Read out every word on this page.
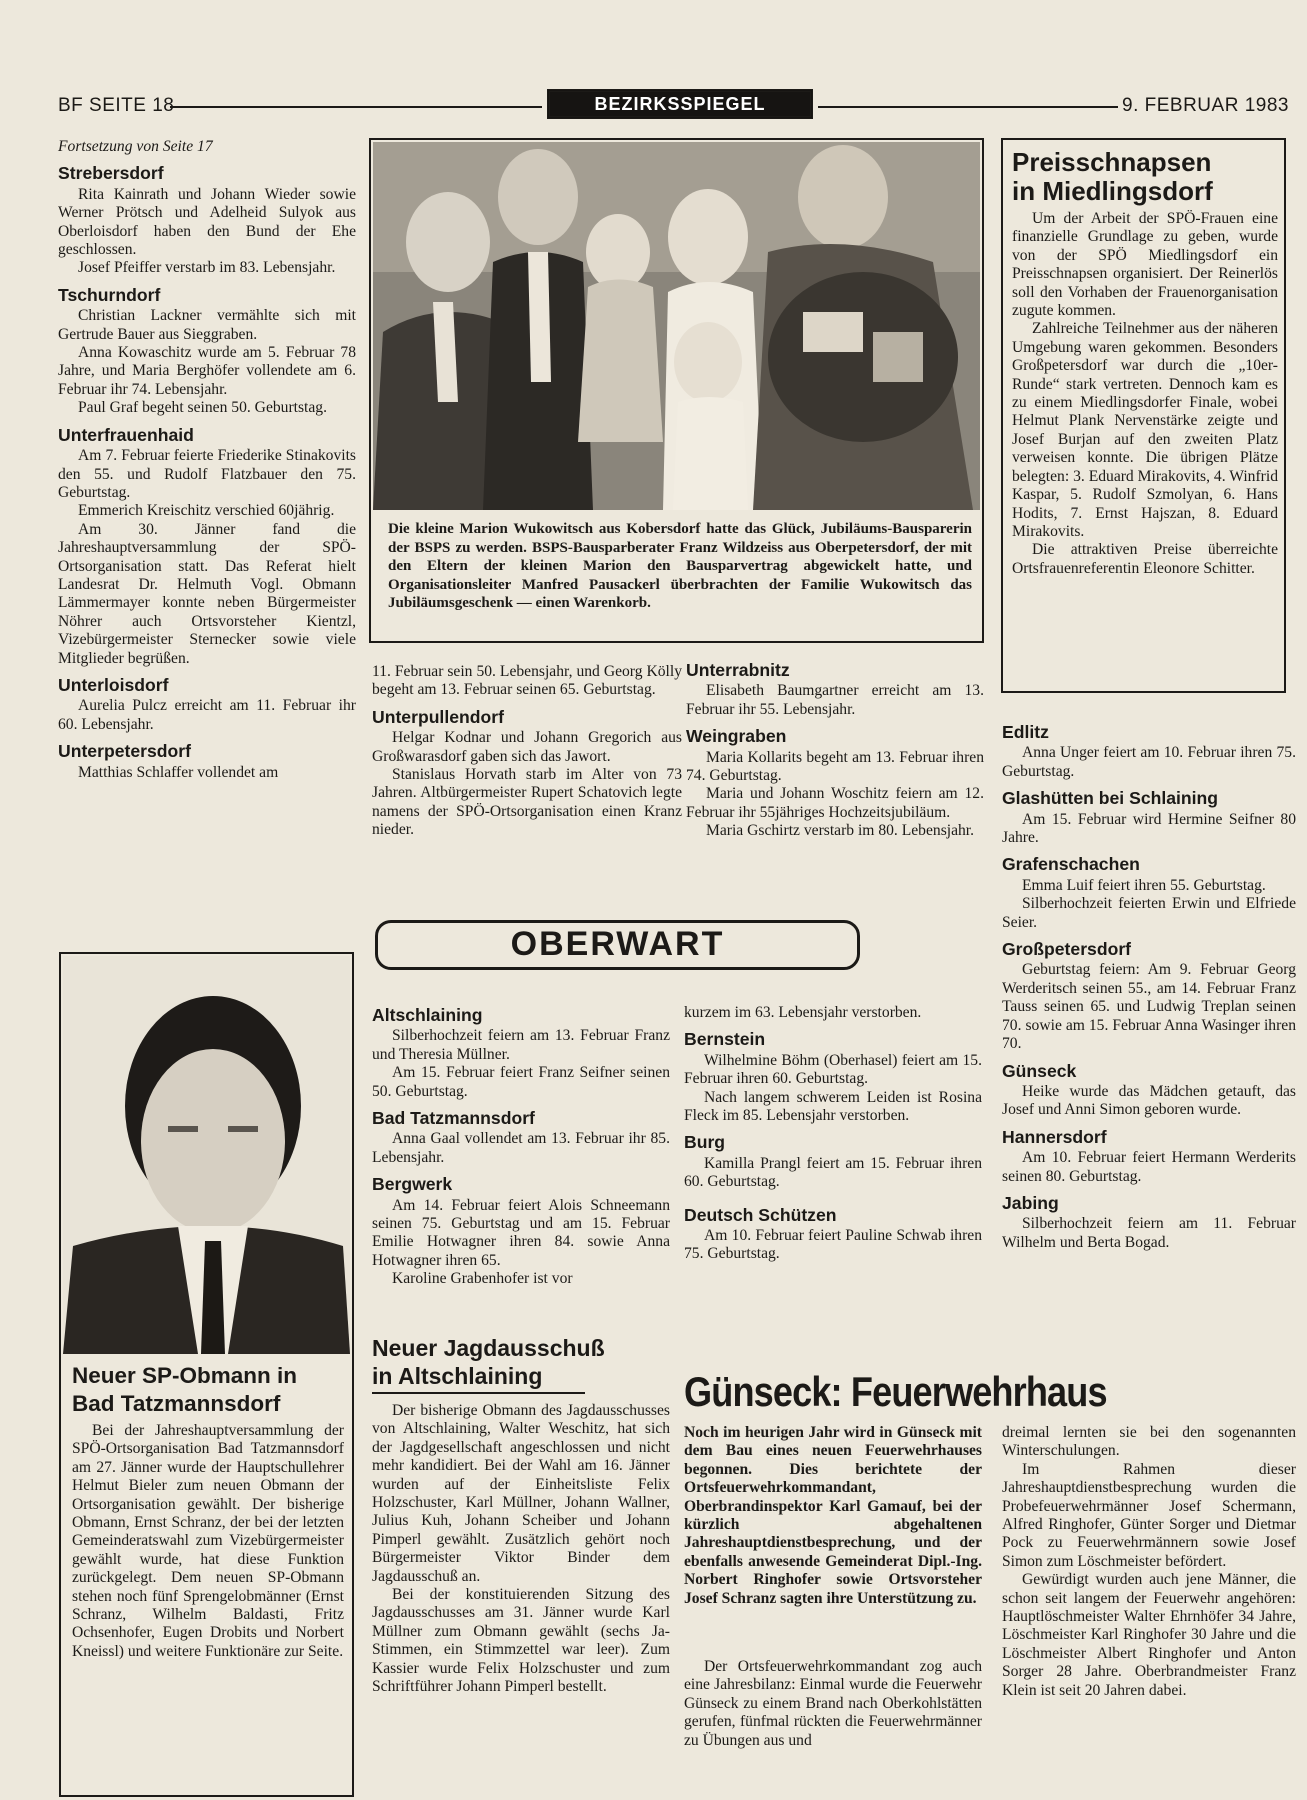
BF SEITE 18	BEZIRKSSPIEGEL	9. FEBRUAR 1983
Fortsetzung von Seite 17
Strebersdorf

Rita Kainrath und Johann Wieder sowie Werner Prötsch und Adelheid Sulyok aus Oberloisdorf haben den Bund der Ehe geschlossen.

Josef Pfeiffer verstarb im 83. Lebensjahr.

Tschurndorf

Christian Lackner vermählte sich mit Gertrude Bauer aus Sieggraben.

Anna Kowaschitz wurde am 5. Februar 78 Jahre, und Maria Berghöfer vollendete am 6. Februar ihr 74. Lebensjahr.

Paul Graf begeht seinen 50. Geburtstag.

Unterfrauenhaid

Am 7. Februar feierte Friederike Stinakovits den 55. und Rudolf Flatzbauer den 75. Geburtstag.

Emmerich Kreischitz verschied 60jährig.

Am 30. Jänner fand die Jahreshauptversammlung der SPÖ-Ortsorganisation statt. Das Referat hielt Landesrat Dr. Helmuth Vogl. Obmann Lämmermayer konnte neben Bürgermeister Nöhrer auch Ortsvorsteher Kientzl, Vizebürgermeister Sternecker sowie viele Mitglieder begrüßen.

Unterloisdorf

Aurelia Pulcz erreicht am 11. Februar ihr 60. Lebensjahr.

Unterpetersdorf

Matthias Schlaffer vollendet am

Die kleine Marion Wukowitsch aus Kobersdorf hatte das Glück, Jubiläums-Bausparerin der BSPS zu werden. BSPS-Bausparberater Franz Wildzeiss aus Oberpetersdorf, der mit den Eltern der kleinen Marion den Bausparvertrag abgewickelt hatte, und Organisationsleiter Manfred Pausackerl überbrachten der Familie Wukowitsch das Jubiläumsgeschenk — einen Warenkorb.
Preisschnapsen
in Miedlingsdorf

Um der Arbeit der SPÖ-Frauen eine finanzielle Grundlage zu geben, wurde von der SPÖ Miedlingsdorf ein Preisschnapsen organisiert. Der Reinerlös soll den Vorhaben der Frauenorganisation zugute kommen.

Zahlreiche Teilnehmer aus der näheren Umgebung waren gekommen. Besonders Großpetersdorf war durch die „10er-Runde“ stark vertreten. Dennoch kam es zu einem Miedlingsdorfer Finale, wobei Helmut Plank Nervenstärke zeigte und Josef Burjan auf den zweiten Platz verweisen konnte. Die übrigen Plätze belegten: 3. Eduard Mirakovits, 4. Winfrid Kaspar, 5. Rudolf Szmolyan, 6. Hans Hodits, 7. Ernst Hajszan, 8. Eduard Mirakovits.

Die attraktiven Preise überreichte Ortsfrauenreferentin Eleonore Schitter.

11. Februar sein 50. Lebensjahr, und Georg Kölly begeht am 13. Februar seinen 65. Geburtstag.

Unterpullendorf

Helgar Kodnar und Johann Gregorich aus Großwarasdorf gaben sich das Jawort.

Stanislaus Horvath starb im Alter von 73 Jahren. Altbürgermeister Rupert Schatovich legte namens der SPÖ-Ortsorganisation einen Kranz nieder.

Unterrabnitz

Elisabeth Baumgartner erreicht am 13. Februar ihr 55. Lebensjahr.

Weingraben

Maria Kollarits begeht am 13. Februar ihren 74. Geburtstag.

Maria und Johann Woschitz feiern am 12. Februar ihr 55jähriges Hochzeitsjubiläum.

Maria Gschirtz verstarb im 80. Lebensjahr.

Edlitz

Anna Unger feiert am 10. Februar ihren 75. Geburtstag.

Glashütten bei Schlaining

Am 15. Februar wird Hermine Seifner 80 Jahre.

Grafenschachen

Emma Luif feiert ihren 55. Geburtstag.

Silberhochzeit feierten Erwin und Elfriede Seier.

Großpetersdorf

Geburtstag feiern: Am 9. Februar Georg Werderitsch seinen 55., am 14. Februar Franz Tauss seinen 65. und Ludwig Treplan seinen 70. sowie am 15. Februar Anna Wasinger ihren 70.

Günseck

Heike wurde das Mädchen getauft, das Josef und Anni Simon geboren wurde.

Hannersdorf

Am 10. Februar feiert Hermann Werderits seinen 80. Geburtstag.

Jabing

Silberhochzeit feiern am 11. Februar Wilhelm und Berta Bogad.

OBERWART
Altschlaining

Silberhochzeit feiern am 13. Februar Franz und Theresia Müllner.

Am 15. Februar feiert Franz Seifner seinen 50. Geburtstag.

Bad Tatzmannsdorf

Anna Gaal vollendet am 13. Februar ihr 85. Lebensjahr.

Bergwerk

Am 14. Februar feiert Alois Schneemann seinen 75. Geburtstag und am 15. Februar Emilie Hotwagner ihren 84. sowie Anna Hotwagner ihren 65.

Karoline Grabenhofer ist vor

kurzem im 63. Lebensjahr verstorben.

Bernstein

Wilhelmine Böhm (Oberhasel) feiert am 15. Februar ihren 60. Geburtstag.

Nach langem schwerem Leiden ist Rosina Fleck im 85. Lebensjahr verstorben.

Burg

Kamilla Prangl feiert am 15. Februar ihren 60. Geburtstag.

Deutsch Schützen

Am 10. Februar feiert Pauline Schwab ihren 75. Geburtstag.

Neuer SP-Obmann in
Bad Tatzmannsdorf

Bei der Jahreshauptversammlung der SPÖ-Ortsorganisation Bad Tatzmannsdorf am 27. Jänner wurde der Hauptschullehrer Helmut Bieler zum neuen Obmann der Ortsorganisation gewählt. Der bisherige Obmann, Ernst Schranz, der bei der letzten Gemeinderatswahl zum Vizebürgermeister gewählt wurde, hat diese Funktion zurückgelegt. Dem neuen SP-Obmann stehen noch fünf Sprengelobmänner (Ernst Schranz, Wilhelm Baldasti, Fritz Ochsenhofer, Eugen Drobits und Norbert Kneissl) und weitere Funktionäre zur Seite.

Neuer Jagdausschuß
in Altschlaining

Der bisherige Obmann des Jagdausschusses von Altschlaining, Walter Weschitz, hat sich der Jagdgesellschaft angeschlossen und nicht mehr kandidiert. Bei der Wahl am 16. Jänner wurden auf der Einheitsliste Felix Holzschuster, Karl Müllner, Johann Wallner, Julius Kuh, Johann Scheiber und Johann Pimperl gewählt. Zusätzlich gehört noch Bürgermeister Viktor Binder dem Jagdausschuß an.

Bei der konstituierenden Sitzung des Jagdausschusses am 31. Jänner wurde Karl Müllner zum Obmann gewählt (sechs Ja-Stimmen, ein Stimmzettel war leer). Zum Kassier wurde Felix Holzschuster und zum Schriftführer Johann Pimperl bestellt.

Günseck: Feuerwehrhaus

Noch im heurigen Jahr wird in Günseck mit dem Bau eines neuen Feuerwehrhauses begonnen. Dies berichtete der Ortsfeuerwehrkommandant, Oberbrandinspektor Karl Gamauf, bei der kürzlich abgehaltenen Jahreshauptdienstbesprechung, und der ebenfalls anwesende Gemeinderat Dipl.-Ing. Norbert Ringhofer sowie Ortsvorsteher Josef Schranz sagten ihre Unterstützung zu.

Der Ortsfeuerwehrkommandant zog auch eine Jahresbilanz: Einmal wurde die Feuerwehr Günseck zu einem Brand nach Oberkohlstätten gerufen, fünfmal rückten die Feuerwehrmänner zu Übungen aus und

dreimal lernten sie bei den sogenannten Winterschulungen.

Im Rahmen dieser Jahreshauptdienstbesprechung wurden die Probefeuerwehrmänner Josef Schermann, Alfred Ringhofer, Günter Sorger und Dietmar Pock zu Feuerwehrmännern sowie Josef Simon zum Löschmeister befördert.

Gewürdigt wurden auch jene Männer, die schon seit langem der Feuerwehr angehören: Hauptlöschmeister Walter Ehrnhöfer 34 Jahre, Löschmeister Karl Ringhofer 30 Jahre und die Löschmeister Albert Ringhofer und Anton Sorger 28 Jahre. Oberbrandmeister Franz Klein ist seit 20 Jahren dabei.
